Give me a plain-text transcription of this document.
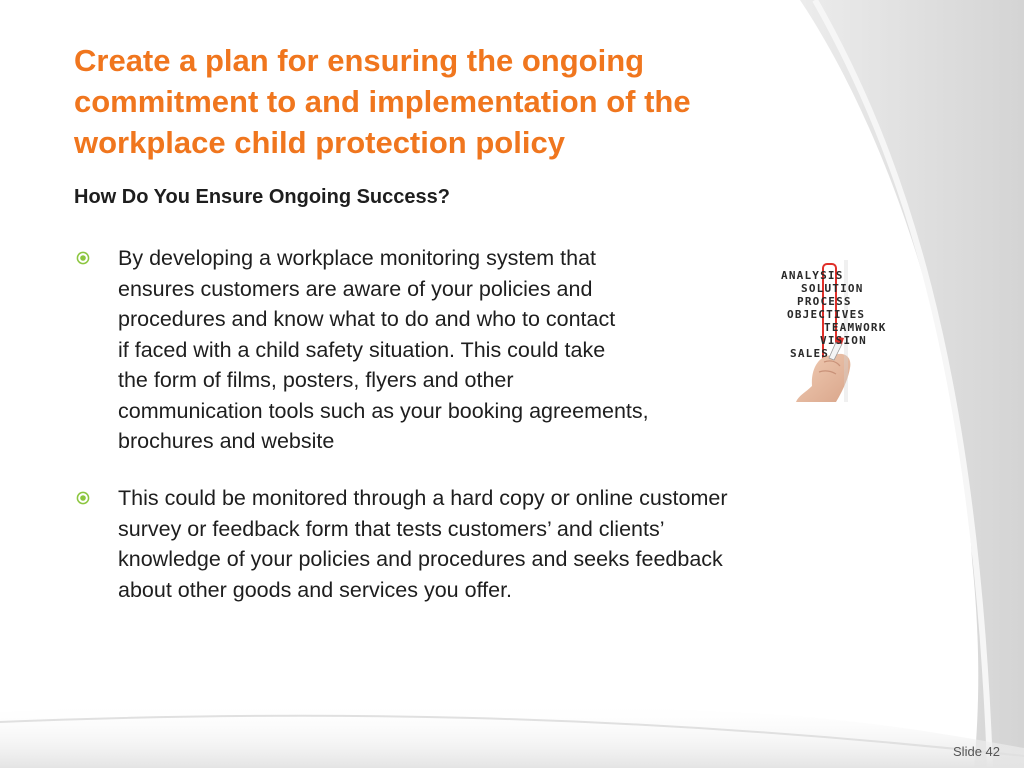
Create a plan for ensuring the ongoing
commitment to and implementation of the
workplace child protection policy
How Do You Ensure Ongoing Success?
By developing a workplace monitoring system that
ensures customers are aware of your policies and
procedures and know what to do and who to contact
if faced with a child safety situation. This could take
the form of films, posters, flyers and other
communication tools such as your booking agreements,
brochures and website
This could be monitored through a hard copy or online customer
survey or feedback form that tests customers’ and clients’
knowledge of your policies and procedures and seeks feedback
about other goods and services you offer.
ANALYSIS
SOLUTION
PROCESS
OBJECTIVES
TEAMWORK
VISION
SALES
Slide 42
